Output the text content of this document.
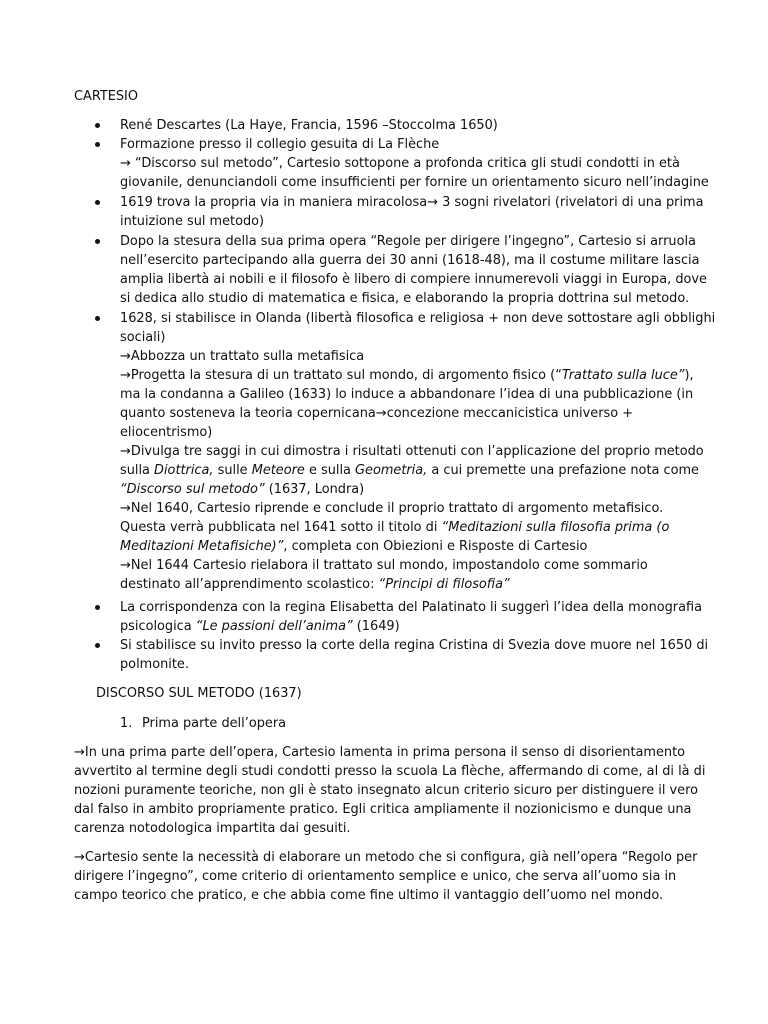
CARTESIO
René Descartes (La Haye, Francia, 1596 –Stoccolma 1650)
Formazione presso il collegio gesuita di La Flèche
→ “Discorso sul metodo”, Cartesio sottopone a profonda critica gli studi condotti in età
giovanile, denunciandoli come insufficienti per fornire un orientamento sicuro nell’indagine
1619 trova la propria via in maniera miracolosa→ 3 sogni rivelatori (rivelatori di una prima
intuizione sul metodo)
Dopo la stesura della sua prima opera “Regole per dirigere l’ingegno”, Cartesio si arruola
nell’esercito partecipando alla guerra dei 30 anni (1618-48), ma il costume militare lascia
amplia libertà ai nobili e il filosofo è libero di compiere innumerevoli viaggi in Europa, dove
si dedica allo studio di matematica e fisica, e elaborando la propria dottrina sul metodo.
1628, si stabilisce in Olanda (libertà filosofica e religiosa + non deve sottostare agli obblighi
sociali)
→Abbozza un trattato sulla metafisica
→Progetta la stesura di un trattato sul mondo, di argomento fisico (“Trattato sulla luce”),
ma la condanna a Galileo (1633) lo induce a abbandonare l’idea di una pubblicazione (in
quanto sosteneva la teoria copernicana→concezione meccanicistica universo +
eliocentrismo)
→Divulga tre saggi in cui dimostra i risultati ottenuti con l’applicazione del proprio metodo
sulla Diottrica, sulle Meteore e sulla Geometria, a cui premette una prefazione nota come
“Discorso sul metodo” (1637, Londra)
→Nel 1640, Cartesio riprende e conclude il proprio trattato di argomento metafisico.
Questa verrà pubblicata nel 1641 sotto il titolo di “Meditazioni sulla filosofia prima (o
Meditazioni Metafisiche)”, completa con Obiezioni e Risposte di Cartesio
→Nel 1644 Cartesio rielabora il trattato sul mondo, impostandolo come sommario
destinato all’apprendimento scolastico: “Principi di filosofia”
La corrispondenza con la regina Elisabetta del Palatinato li suggerì l’idea della monografia
psicologica “Le passioni dell’anima” (1649)
Si stabilisce su invito presso la corte della regina Cristina di Svezia dove muore nel 1650 di
polmonite.
DISCORSO SUL METODO (1637)
1. Prima parte dell’opera
→In una prima parte dell’opera, Cartesio lamenta in prima persona il senso di disorientamento
avvertito al termine degli studi condotti presso la scuola La flèche, affermando di come, al di là di
nozioni puramente teoriche, non gli è stato insegnato alcun criterio sicuro per distinguere il vero
dal falso in ambito propriamente pratico. Egli critica ampliamente il nozionicismo e dunque una
carenza notodologica impartita dai gesuiti.
→Cartesio sente la necessità di elaborare un metodo che si configura, già nell’opera “Regolo per
dirigere l’ingegno”, come criterio di orientamento semplice e unico, che serva all’uomo sia in
campo teorico che pratico, e che abbia come fine ultimo il vantaggio dell’uomo nel mondo.
